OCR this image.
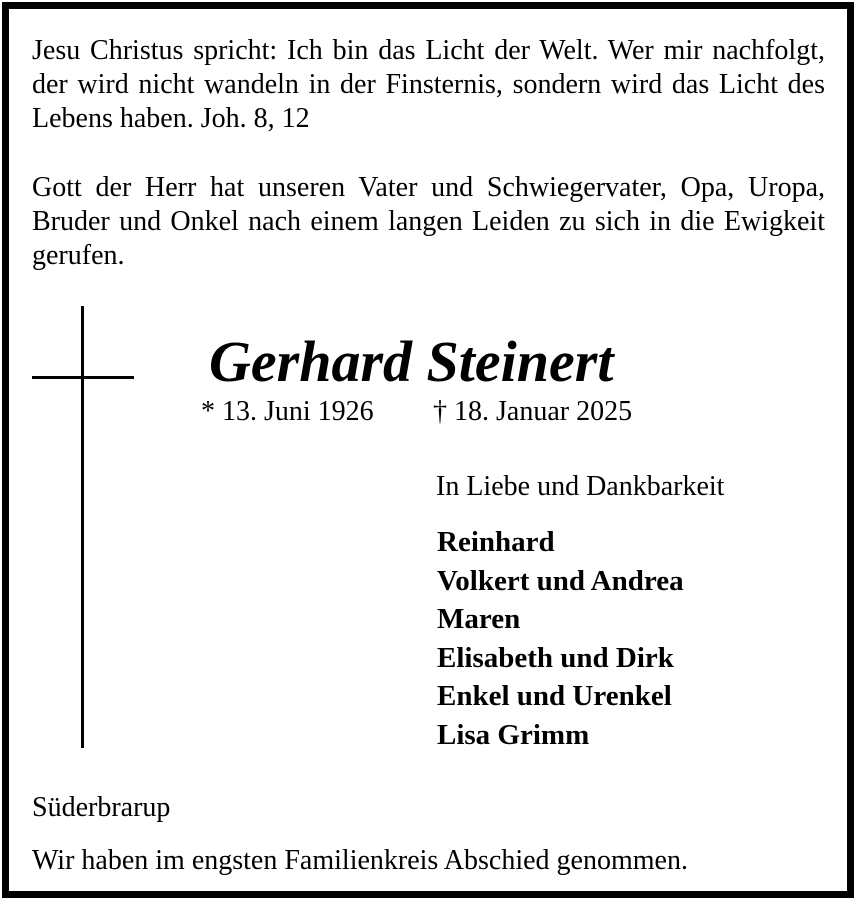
Jesu Christus spricht: Ich bin das Licht der Welt. Wer mir nachfolgt, der wird nicht wandeln in der Finsternis, sondern wird das Licht des Lebens haben. Joh. 8, 12

Gott der Herr hat unseren Vater und Schwiegervater, Opa, Uropa, Bruder und Onkel nach einem langen Leiden zu sich in die Ewigkeit gerufen.

Gerhard Steinert
* 13. Juni 1926 † 18. Januar 2025
In Liebe und Dankbarkeit
Reinhard
Volkert und Andrea
Maren
Elisabeth und Dirk
Enkel und Urenkel
Lisa Grimm
Süderbrarup
Wir haben im engsten Familienkreis Abschied genommen.
